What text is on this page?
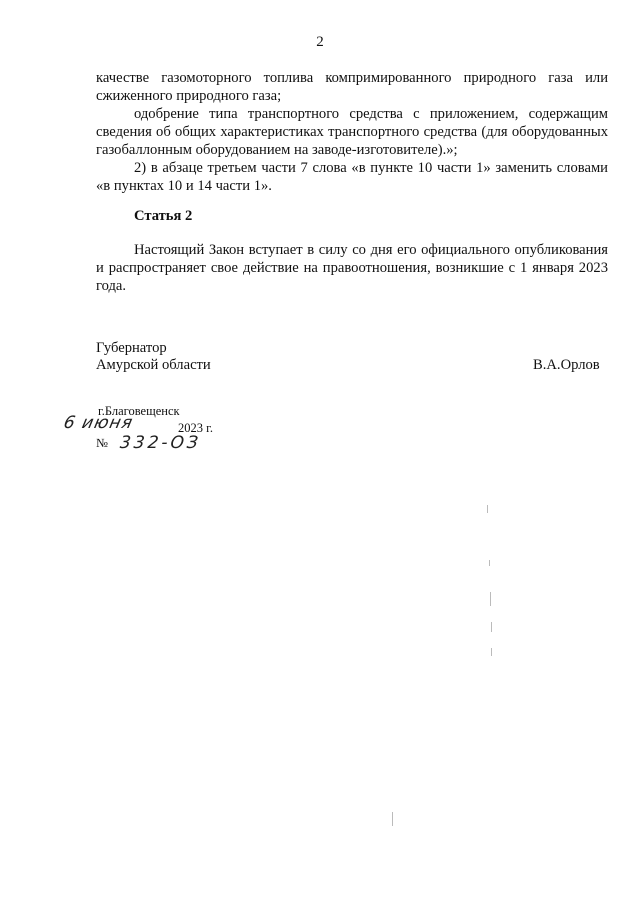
2

качестве газомоторного топлива компримированного природного газа или сжиженного природного газа;

одобрение типа транспортного средства с приложением, содержащим сведения об общих характеристиках транспортного средства (для оборудованных газобаллонным оборудованием на заводе-изготовителе).»;

2) в абзаце третьем части 7 слова «в пункте 10 части 1» заменить словами «в пунктах 10 и 14 части 1».

Статья 2

Настоящий Закон вступает в силу со дня его официального опубликования и распространяет свое действие на правоотношения, возникшие с 1 января 2023 года.

Губернатор
Амурской области	В.А.Орлов
г.Благовещенск
6 июня	2023 г.
№ 332-ОЗ
